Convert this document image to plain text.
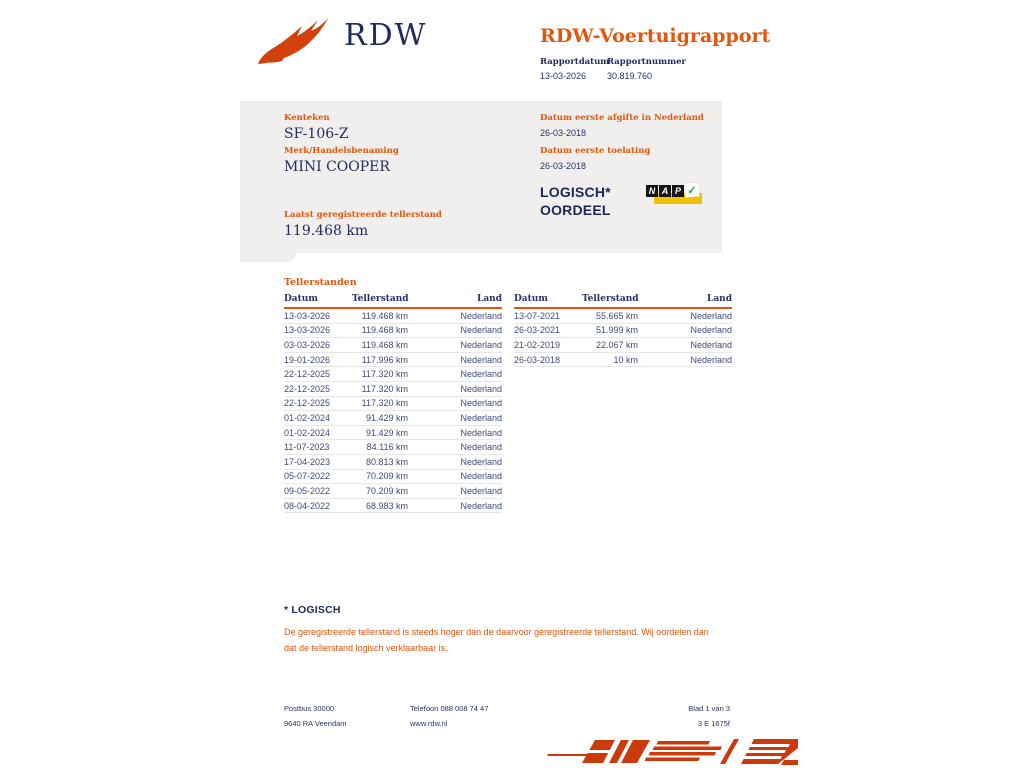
RDW	RDW-Voertuigrapport
Rapportdatum
13-03-2026
Rapportnummer
30.819.760
Kenteken
SF-106-Z
Merk/Handelsbenaming
MINI COOPER
Laatst geregistreerde tellerstand
119.468 km
Datum eerste afgifte in Nederland
26-03-2018
Datum eerste toelating
26-03-2018
LOGISCH*
OORDEEL
N A P ✓
Tellerstanden
Datum	Tellerstand	Land
13-03-2026	119.468 km	Nederland
13-03-2026	119.468 km	Nederland
03-03-2026	119.468 km	Nederland
19-01-2026	117.996 km	Nederland
22-12-2025	117.320 km	Nederland
22-12-2025	117.320 km	Nederland
22-12-2025	117.320 km	Nederland
01-02-2024	91.429 km	Nederland
01-02-2024	91.429 km	Nederland
11-07-2023	84.116 km	Nederland
17-04-2023	80.813 km	Nederland
05-07-2022	70.209 km	Nederland
09-05-2022	70.209 km	Nederland
08-04-2022	68.983 km	Nederland
Datum	Tellerstand	Land
13-07-2021	55.665 km	Nederland
26-03-2021	51.999 km	Nederland
21-02-2019	22.067 km	Nederland
26-03-2018	10 km	Nederland
* LOGISCH
De geregistreerde tellerstand is steeds hoger dan de daarvoor geregistreerde tellerstand. Wij oordelen dan dat de tellerstand logisch verklaarbaar is.
Postbus 30000
9640 RA Veendam
Telefoon 088 008 74 47
www.rdw.nl
Blad 1 van 3
3 E 1675f
